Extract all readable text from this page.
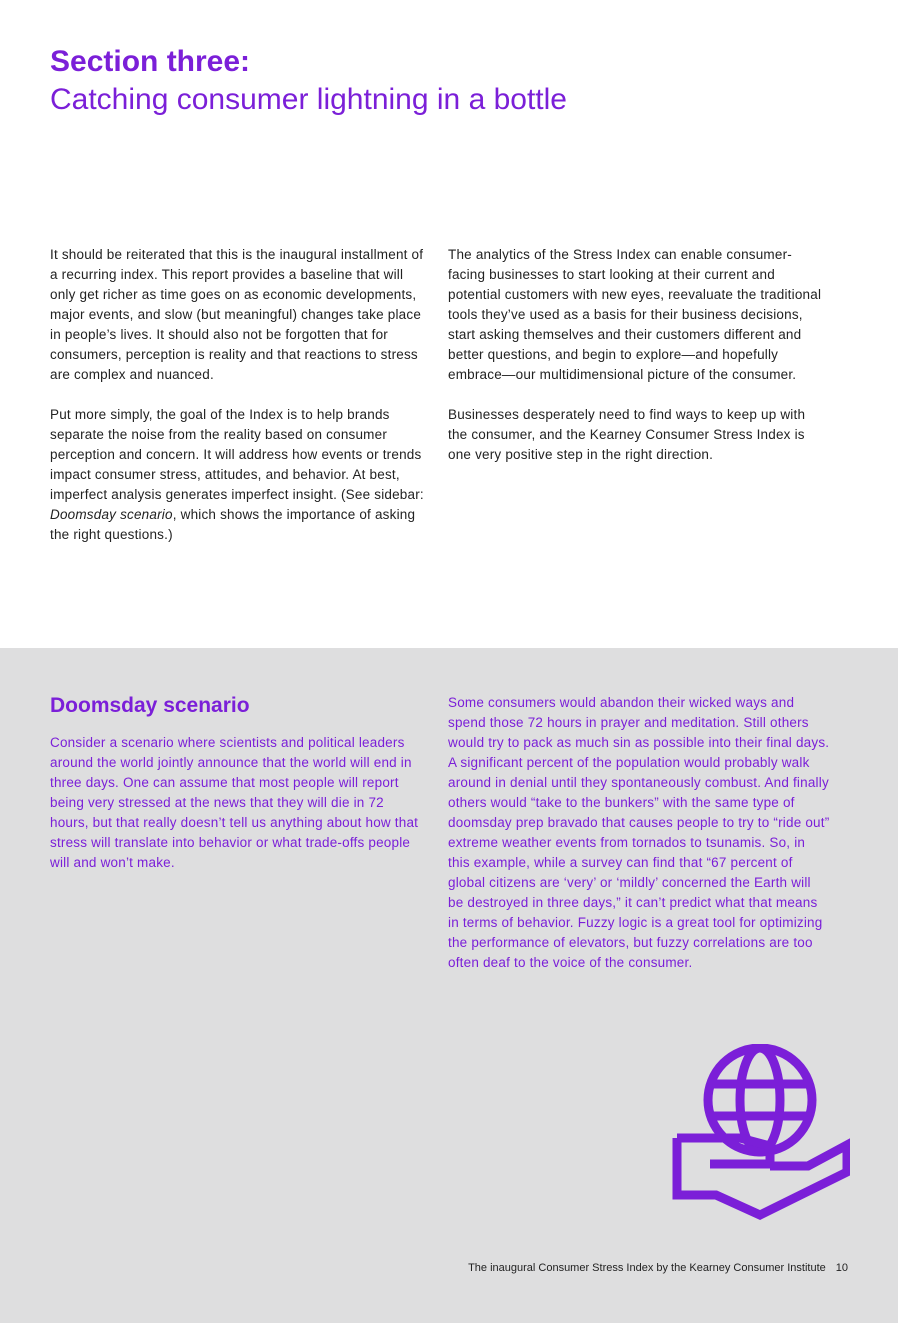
Section three:
Catching consumer lightning in a bottle

It should be reiterated that this is the inaugural installment of a recurring index. This report provides a baseline that will only get richer as time goes on as economic developments, major events, and slow (but meaningful) changes take place in people’s lives. It should also not be forgotten that for consumers, perception is reality and that reactions to stress are complex and nuanced.

Put more simply, the goal of the Index is to help brands separate the noise from the reality based on consumer perception and concern. It will address how events or trends impact consumer stress, attitudes, and behavior. At best, imperfect analysis generates imperfect insight. (See sidebar: Doomsday scenario, which shows the importance of asking the right questions.)

The analytics of the Stress Index can enable consumer-facing businesses to start looking at their current and potential customers with new eyes, reevaluate the traditional tools they’ve used as a basis for their business decisions, start asking themselves and their customers different and better questions, and begin to explore—and hopefully embrace—our multidimensional picture of the consumer.

Businesses desperately need to find ways to keep up with the consumer, and the Kearney Consumer Stress Index is one very positive step in the right direction.

Doomsday scenario

Consider a scenario where scientists and political leaders around the world jointly announce that the world will end in three days. One can assume that most people will report being very stressed at the news that they will die in 72 hours, but that really doesn’t tell us anything about how that stress will translate into behavior or what trade-offs people will and won’t make.

Some consumers would abandon their wicked ways and spend those 72 hours in prayer and meditation. Still others would try to pack as much sin as possible into their final days. A significant percent of the population would probably walk around in denial until they spontaneously combust. And finally others would “take to the bunkers” with the same type of doomsday prep bravado that causes people to try to “ride out” extreme weather events from tornados to tsunamis. So, in this example, while a survey can find that “67 percent of global citizens are ‘very’ or ‘mildly’ concerned the Earth will be destroyed in three days,” it can’t predict what that means in terms of behavior. Fuzzy logic is a great tool for optimizing the performance of elevators, but fuzzy correlations are too often deaf to the voice of the consumer.

The inaugural Consumer Stress Index by the Kearney Consumer Institute 10
